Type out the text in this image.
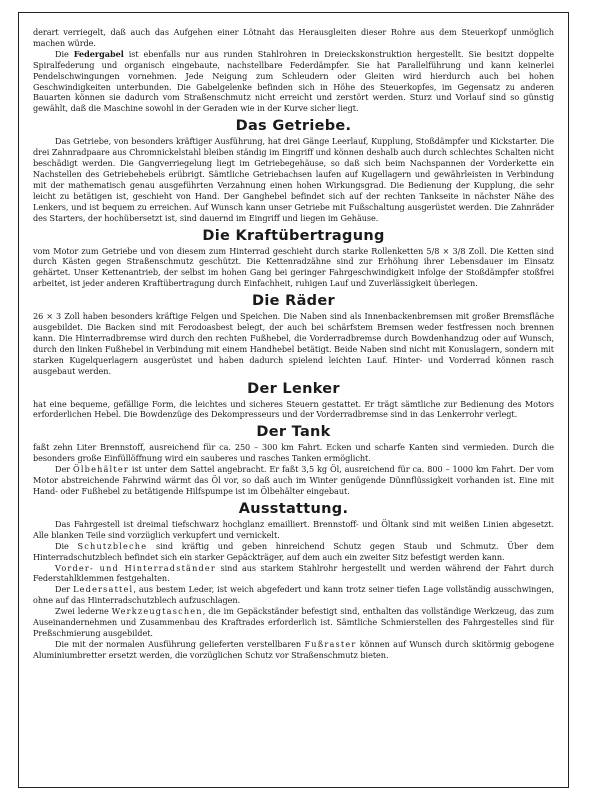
derart verriegelt, daß auch das Aufgehen einer Lötnaht das Herausgleiten dieser Rohre aus dem Steuerkopf unmöglich machen würde.

Die Federgabel ist ebenfalls nur aus runden Stahlrohren in Dreieckskonstruktion hergestellt. Sie besitzt doppelte Spiralfederung und organisch eingebaute, nachstellbare Federdämpfer. Sie hat Parallelführung und kann keinerlei Pendelschwingungen vornehmen. Jede Neigung zum Schleudern oder Gleiten wird hierdurch auch bei hohen Geschwindigkeiten unterbunden. Die Gabelgelenke befinden sich in Höhe des Steuerkopfes, im Gegensatz zu anderen Bauarten können sie dadurch vom Straßenschmutz nicht erreicht und zerstört werden. Sturz und Vorlauf sind so günstig gewählt, daß die Maschine sowohl in der Geraden wie in der Kurve sicher liegt.

Das Getriebe.

Das Getriebe, von besonders kräftiger Ausführung, hat drei Gänge Leerlauf, Kupplung, Stoßdämpfer und Kickstarter. Die drei Zahnradpaare aus Chromnickelstahl bleiben ständig im Eingriff und können deshalb auch durch schlechtes Schalten nicht beschädigt werden. Die Gangverriegelung liegt im Getriebegehäuse, so daß sich beim Nachspannen der Vorderkette ein Nachstellen des Getriebehebels erübrigt. Sämtliche Getriebachsen laufen auf Kugellagern und gewährleisten in Verbindung mit der mathematisch genau ausgeführten Verzahnung einen hohen Wirkungsgrad. Die Bedienung der Kupplung, die sehr leicht zu betätigen ist, geschieht von Hand. Der Ganghebel befindet sich auf der rechten Tankseite in nächster Nähe des Lenkers, und ist bequem zu erreichen. Auf Wunsch kann unser Getriebe mit Fußschaltung ausgerüstet werden. Die Zahnräder des Starters, der hochübersetzt ist, sind dauernd im Eingriff und liegen im Gehäuse.

Die Kraftübertragung

vom Motor zum Getriebe und von diesem zum Hinterrad geschieht durch starke Rollenketten 5/8 × 3/8 Zoll. Die Ketten sind durch Kästen gegen Straßenschmutz geschützt. Die Kettenradzähne sind zur Erhöhung ihrer Lebensdauer im Einsatz gehärtet. Unser Kettenantrieb, der selbst im hohen Gang bei geringer Fahrgeschwindigkeit infolge der Stoßdämpfer stoßfrei arbeitet, ist jeder anderen Kraftübertragung durch Einfachheit, ruhigen Lauf und Zuverlässigkeit überlegen.

Die Räder

26 × 3 Zoll haben besonders kräftige Felgen und Speichen. Die Naben sind als Innenbackenbremsen mit großer Bremsfläche ausgebildet. Die Backen sind mit Ferodoasbest belegt, der auch bei schärfstem Bremsen weder festfressen noch brennen kann. Die Hinterradbremse wird durch den rechten Fußhebel, die Vorderradbremse durch Bowdenhandzug oder auf Wunsch, durch den linken Fußhebel in Verbindung mit einem Handhebel betätigt. Beide Naben sind nicht mit Konuslagern, sondern mit starken Kugelquerlagern ausgerüstet und haben dadurch spielend leichten Lauf. Hinter- und Vorderrad können rasch ausgebaut werden.

Der Lenker

hat eine bequeme, gefällige Form, die leichtes und sicheres Steuern gestattet. Er trägt sämtliche zur Bedienung des Motors erforderlichen Hebel. Die Bowdenzüge des Dekompresseurs und der Vorderradbremse sind in das Lenkerrohr verlegt.

Der Tank

faßt zehn Liter Brennstoff, ausreichend für ca. 250 – 300 km Fahrt. Ecken und scharfe Kanten sind vermieden. Durch die besonders große Einfüllöffnung wird ein sauberes und rasches Tanken ermöglicht.

Der Ölbehälter ist unter dem Sattel angebracht. Er faßt 3,5 kg Öl, ausreichend für ca. 800 – 1000 km Fahrt. Der vom Motor abstreichende Fahrwind wärmt das Öl vor, so daß auch im Winter genügende Dünnflüssigkeit vorhanden ist. Eine mit Hand- oder Fußhebel zu betätigende Hilfspumpe ist im Ölbehälter eingebaut.

Ausstattung.

Das Fahrgestell ist dreimal tiefschwarz hochglanz emailliert. Brennstoff- und Öltank sind mit weißen Linien abgesetzt. Alle blanken Teile sind vorzüglich verkupfert und vernickelt.

Die Schutzbleche sind kräftig und geben hinreichend Schutz gegen Staub und Schmutz. Über dem Hinterradschutzblech befindet sich ein starker Gepäckträger, auf dem auch ein zweiter Sitz befestigt werden kann.

Vorder- und Hinterradständer sind aus starkem Stahlrohr hergestellt und werden während der Fahrt durch Federstahlklemmen festgehalten.

Der Ledersattel, aus bestem Leder, ist weich abgefedert und kann trotz seiner tiefen Lage vollständig ausschwingen, ohne auf das Hinterradschutzblech aufzuschlagen.

Zwei lederne Werkzeugtaschen, die im Gepäckständer befestigt sind, enthalten das vollständige Werkzeug, das zum Auseinandernehmen und Zusammenbau des Kraftrades erforderlich ist. Sämtliche Schmierstellen des Fahrgestelles sind für Preßschmierung ausgebildet.

Die mit der normalen Ausführung gelieferten verstellbaren Fußraster können auf Wunsch durch skitörmig gebogene Aluminiumbretter ersetzt werden, die vorzüglichen Schutz vor Straßenschmutz bieten.
